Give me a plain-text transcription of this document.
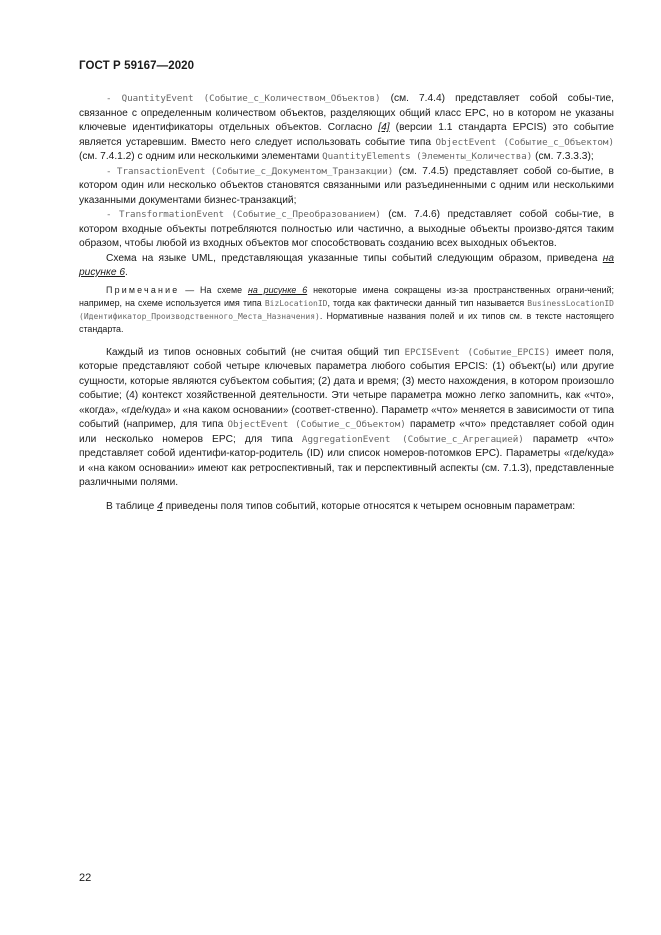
ГОСТ Р 59167—2020

- QuantityEvent (Событие_с_Количеством_Объектов) (см. 7.4.4) представляет собой собы-тие, связанное с определенным количеством объектов, разделяющих общий класс EPC, но в котором не указаны ключевые идентификаторы отдельных объектов. Согласно [4] (версии 1.1 стандарта EPCIS) это событие является устаревшим. Вместо него следует использовать событие типа ObjectEvent (Событие_с_Объектом) (см. 7.4.1.2) с одним или несколькими элементами QuantityElements (Элементы_Количества) (см. 7.3.3.3);

- TransactionEvent (Событие_с_Документом_Транзакции) (см. 7.4.5) представляет собой со-бытие, в котором один или несколько объектов становятся связанными или разъединенными с одним или несколькими указанными документами бизнес-транзакций;

- TransformationEvent (Событие_с_Преобразованием) (см. 7.4.6) представляет собой собы-тие, в котором входные объекты потребляются полностью или частично, а выходные объекты произво-дятся таким образом, чтобы любой из входных объектов мог способствовать созданию всех выходных объектов.

Схема на языке UML, представляющая указанные типы событий следующим образом, приведена на рисунке 6.

Примечание — На схеме на рисунке 6 некоторые имена сокращены из-за пространственных ограни-чений; например, на схеме используется имя типа BizLocationID, тогда как фактически данный тип называется BusinessLocationID (Идентификатор_Производственного_Места_Назначения). Нормативные названия полей и их типов см. в тексте настоящего стандарта.

Каждый из типов основных событий (не считая общий тип EPCISEvent (Событие_EPCIS) имеет поля, которые представляют собой четыре ключевых параметра любого события EPCIS: (1) объект(ы) или другие сущности, которые являются субъектом события; (2) дата и время; (3) место нахождения, в котором произошло событие; (4) контекст хозяйственной деятельности. Эти четыре параметра можно легко запомнить, как «что», «когда», «где/куда» и «на каком основании» (соответ-ственно). Параметр «что» меняется в зависимости от типа событий (например, для типа ObjectEvent (Событие_с_Объектом) параметр «что» представляет собой один или несколько номеров EPC; для типа AggregationEvent (Событие_с_Агрегацией) параметр «что» представляет собой идентифи-катор-родитель (ID) или список номеров-потомков EPC). Параметры «где/куда» и «на каком основании» имеют как ретроспективный, так и перспективный аспекты (см. 7.1.3), представленные различными полями.

В таблице 4 приведены поля типов событий, которые относятся к четырем основным параметрам:

22
